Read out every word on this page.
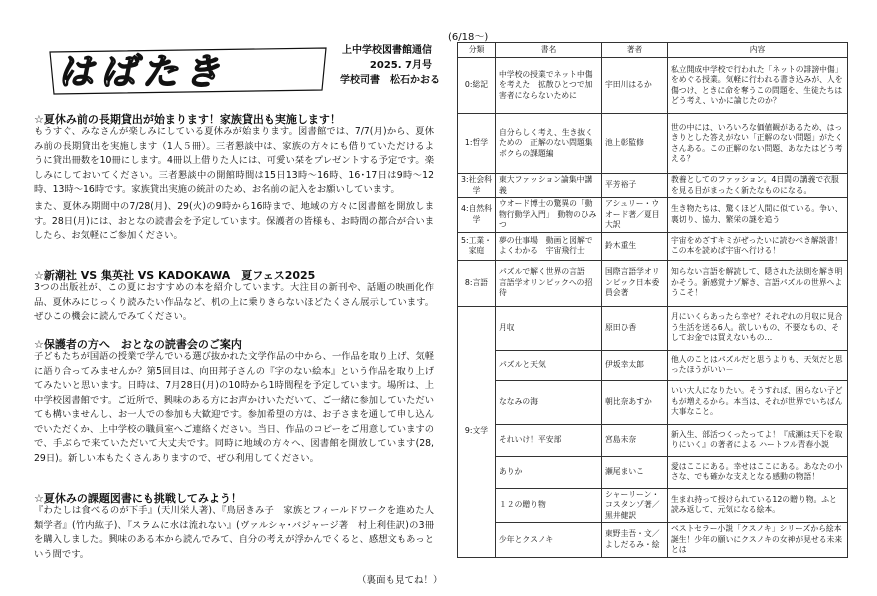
はばたき
上中学校図書館通信
2025. 7月号
学校司書　松石かおる
☆夏休み前の長期貸出が始まります！家族貸出も実施します！
もうすぐ、みなさんが楽しみにしている夏休みが始まります。図書館では、7/7(月)から、夏休み前の長期貸出を実施します（1人５冊）。三者懇談中は、家族の方々にも借りていただけるように貸出冊数を10冊にします。4冊以上借りた人には、可愛い栞をプレゼントする予定です。楽しみにしておいてください。三者懇談中の開館時間は15日13時～16時、16･17日は9時～12時、13時～16時です。家族貸出実施の統計のため、お名前の記入をお願いしています。
また、夏休み期間中の7/28(月)、29(火)の9時から16時まで、地域の方々に図書館を開放します。28日(月)には、おとなの読書会を予定しています。保護者の皆様も、お時間の都合が合いましたら、お気軽にご参加ください。
☆新潮社 VS 集英社 VS KADOKAWA　夏フェス2025
3つの出版社が、この夏におすすめの本を紹介しています。大注目の新刊や、話題の映画化作品、夏休みにじっくり読みたい作品など、机の上に乗りきらないほどたくさん展示しています。ぜひこの機会に読んでみてください。
☆保護者の方へ　おとなの読書会のご案内
子どもたちが国語の授業で学んでいる選び抜かれた文学作品の中から、一作品を取り上げ、気軽に語り合ってみませんか？第5回目は、向田邦子さんの『字のない絵本』という作品を取り上げてみたいと思います。日時は、7月28日(月)の10時から1時間程を予定しています。場所は、上中学校図書館です。ご近所で、興味のある方にお声かけいただいて、ご一緒に参加していただいても構いませんし、お一人での参加も大歓迎です。参加希望の方は、お子さまを通して申し込んでいただくか、上中学校の職員室へご連絡ください。当日、作品のコピーをご用意していますので、手ぶらで来ていただいて大丈夫です。同時に地域の方々へ、図書館を開放しています(28, 29日)。新しい本もたくさんありますので、ぜひ利用してください。
☆夏休みの課題図書にも挑戦してみよう！
『わたしは食べるのが下手』(天川栄人著)、『鳥居きみ子　家族とフィールドワークを進めた人類学者』(竹内紘子)、『スラムに水は流れない』(ヴァルシャ･バジャージ著　村上利佳訳)の3冊を購入しました。興味のある本から読んでみて、自分の考えが浮かんでくると、感想文もあっという間です。
（裏面も見てね！）
(6/18～)
分類	書名	著者	内容
0:総記	中学校の授業でネット中傷を考えた　拡散ひとつで加害者にならないために	宇田川はるか	私立開成中学校で行われた「ネットの誹謗中傷」をめぐる授業。気軽に行われる書き込みが、人を傷つけ、ときに命を奪うこの問題を、生徒たちはどう考え、いかに論じたのか？
1:哲学	自分らしく考え、生き抜くための　正解のない問題集　ボクらの課題編	池上彰監修	世の中には、いろいろな価値観があるため、はっきりとした答えがない「正解のない問題」がたくさんある。この正解のない問題、あなたはどう考える？
3:社会科学	東大ファッション論集中講義	平芳裕子	教養としてのファッション。4日間の講義で衣服を見る目がまったく新たなものになる。
4:自然科学	ウオード博士の驚異の「動物行動学入門」　動物のひみつ	アシュリー・ウオード著／夏目大訳	生き物たちは、驚くほど人間に似ている。争い、裏切り、協力、繁栄の謎を追う
5:工業・家庭	夢の仕事場　動画と図解でよくわかる　宇宙飛行士	鈴木重生	宇宙をめざすキミがぜったいに読むべき解説書！この本を読めば宇宙へ行ける！
8:言語	パズルで解く世界の言語　言語学オリンピックへの招待	国際言語学オリンピック日本委員会著	知らない言語を解読して、隠された法則を解き明かそう。新感覚ナゾ解き、言語パズルの世界へようこそ！
9:文学	月収	原田ひ香	月にいくらあったら幸せ？それぞれの月収に見合う生活を送る6人。欲しいもの、不要なもの、そしてお金では買えないもの…
	パズルと天気	伊坂幸太郎	他人のことはパズルだと思うよりも、天気だと思ったほうがいい－
	ななみの海	朝比奈あすか	いい大人になりたい。そうすれば、困らない子どもが増えるから。本当は、それが世界でいちばん大事なこと。
	それいけ！平安部	宮島未奈	新入生、部活つくったってよ！『成瀬は天下を取りにいく』の著者による ハートフル青春小説
	ありか	瀬尾まいこ	愛はここにある。幸せはここにある。あなたの小さな、でも確かな支えとなる感動の物語！
	１２の贈り物	シャーリーン・コスタンゾ著／黒井健訳	生まれ持って授けられている12の贈り物。ふと読み返して、元気になる絵本。
	少年とクスノキ	東野圭吾・文／よしだるみ・絵	ベストセラー小説「クスノキ」シリーズから絵本誕生！少年の願いにクスノキの女神が見せる未来とは
